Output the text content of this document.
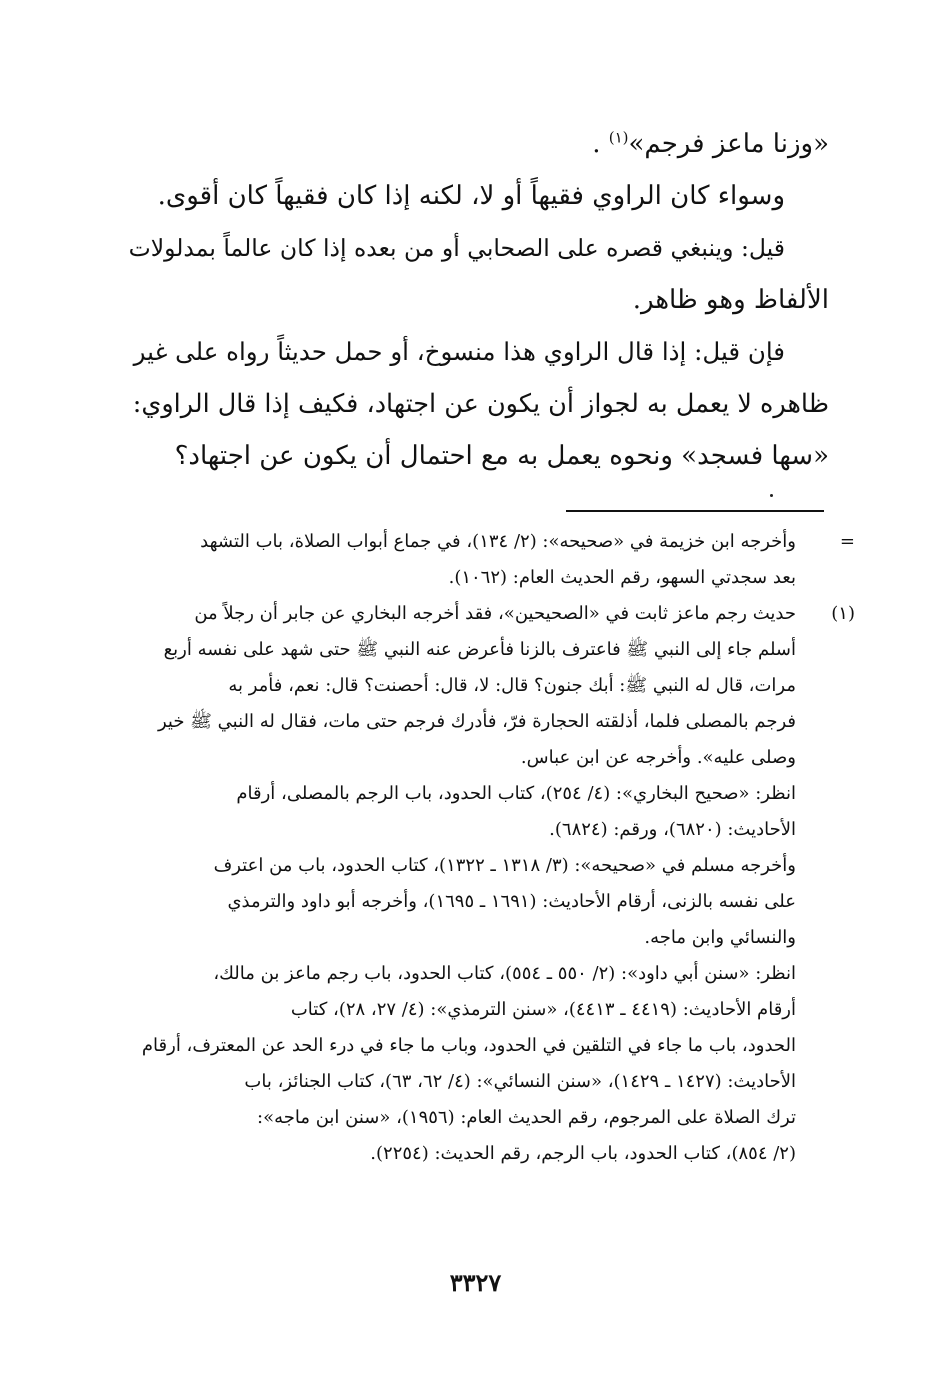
«وزنا ماعز فرجم»$^{(١)}$ .
وسواء كان الراوي فقيهاً أو لا، لكنه إذا كان فقيهاً كان أقوى.
قيل: وينبغي قصره على الصحابي أو من بعده إذا كان عالماً بمدلولات
الألفاظ وهو ظاهر.
فإن قيل: إذا قال الراوي هذا منسوخ، أو حمل حديثاً رواه على غير
ظاهره لا يعمل به لجواز أن يكون عن اجتهاد، فكيف إذا قال الراوي:
«سها فسجد» ونحوه يعمل به مع احتمال أن يكون عن اجتهاد؟
=
وأخرجه ابن خزيمة في «صحيحه»: (٢/ ١٣٤)، في جماع أبواب الصلاة، باب التشهد
بعد سجدتي السهو، رقم الحديث العام: (١٠٦٢).
(١)
حديث رجم ماعز ثابت في «الصحيحين»، فقد أخرجه البخاري عن جابر أن رجلاً من
أسلم جاء إلى النبي ﷺ فاعترف بالزنا فأعرض عنه النبي ﷺ حتى شهد على نفسه أربع
مرات، قال له النبي ﷺ: أبك جنون؟ قال: لا، قال: أحصنت؟ قال: نعم، فأمر به
فرجم بالمصلى فلما، أذلقته الحجارة فرّ، فأدرك فرجم حتى مات، فقال له النبي ﷺ خير
وصلى عليه». وأخرجه عن ابن عباس.
انظر: «صحيح البخاري»: (٤/ ٢٥٤)، كتاب الحدود، باب الرجم بالمصلى، أرقام
الأحاديث: (٦٨٢٠)، ورقم: (٦٨٢٤).
وأخرجه مسلم في «صحيحه»: (٣/ ١٣١٨ ـ ١٣٢٢)، كتاب الحدود، باب من اعترف
على نفسه بالزنى، أرقام الأحاديث: (١٦٩١ ـ ١٦٩٥)، وأخرجه أبو داود والترمذي
والنسائي وابن ماجه.
انظر: «سنن أبي داود»: (٢/ ٥٥٠ ـ ٥٥٤)، كتاب الحدود، باب رجم ماعز بن مالك،
أرقام الأحاديث: (٤٤١٩ ـ ٤٤١٣)، «سنن الترمذي»: (٤/ ٢٧، ٢٨)، كتاب
الحدود، باب ما جاء في التلقين في الحدود، وباب ما جاء في درء الحد عن المعترف، أرقام
الأحاديث: (١٤٢٧ ـ ١٤٢٩)، «سنن النسائي»: (٤/ ٦٢، ٦٣)، كتاب الجنائز، باب
ترك الصلاة على المرجوم، رقم الحديث العام: (١٩٥٦)، «سنن ابن ماجه»:
(٢/ ٨٥٤)، كتاب الحدود، باب الرجم، رقم الحديث: (٢٢٥٤).
٣٣٢٧
